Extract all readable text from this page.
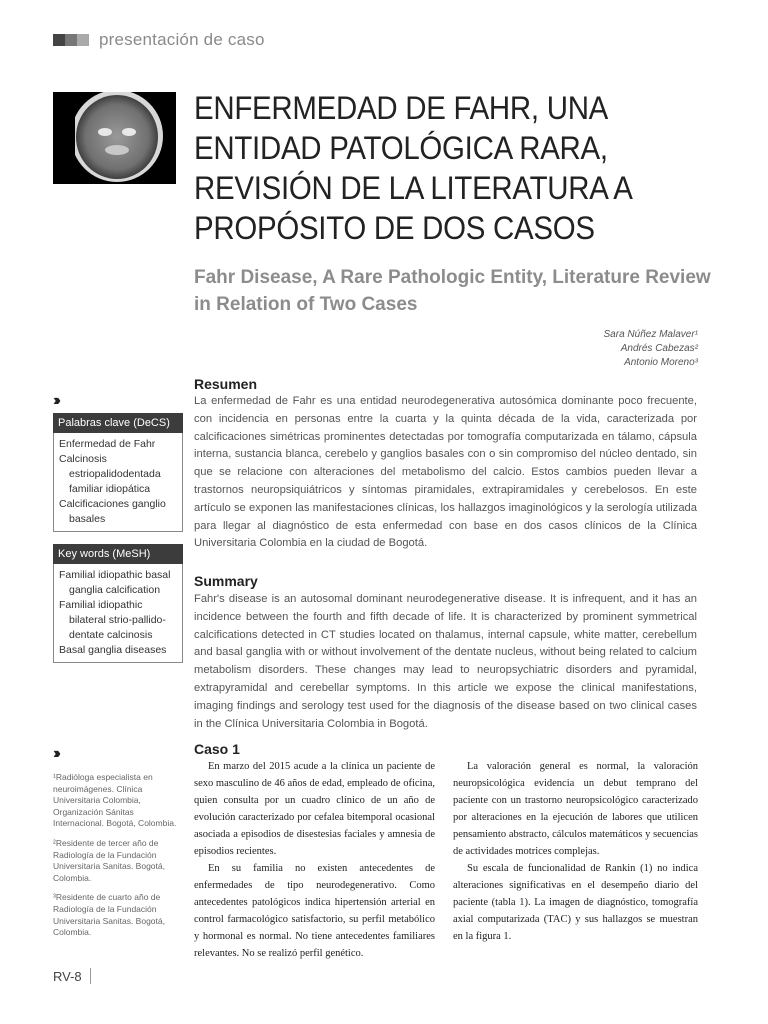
presentación de caso
ENFERMEDAD DE FAHR, UNA ENTIDAD PATOLÓGICA RARA, REVISIÓN DE LA LITERATURA A PROPÓSITO DE DOS CASOS
Fahr Disease, A Rare Pathologic Entity, Literature Review in Relation of Two Cases
Sara Núñez Malaver¹
Andrés Cabezas²
Antonio Moreno³
›››
Palabras clave (DeCS)
Enfermedad de Fahr
Calcinosis
estriopalidodentada
familiar idiopática
Calcificaciones ganglio
basales
Key words (MeSH)
Familial idiopathic basal
ganglia calcification
Familial idiopathic
bilateral strio-pallido-
dentate calcinosis
Basal ganglia diseases
Resumen

La enfermedad de Fahr es una entidad neurodegenerativa autosómica dominante poco frecuente, con incidencia en personas entre la cuarta y la quinta década de la vida, caracterizada por calcificaciones simétricas prominentes detectadas por tomografía computarizada en tálamo, cápsula interna, sustancia blanca, cerebelo y ganglios basales con o sin compromiso del núcleo dentado, sin que se relacione con alteraciones del metabolismo del calcio. Estos cambios pueden llevar a trastornos neuropsiquiátricos y síntomas piramidales, extrapiramidales y cerebelosos. En este artículo se exponen las manifestaciones clínicas, los hallazgos imaginológicos y la serología utilizada para llegar al diagnóstico de esta enfermedad con base en dos casos clínicos de la Clínica Universitaria Colombia en la ciudad de Bogotá.

Summary

Fahr's disease is an autosomal dominant neurodegenerative disease. It is infrequent, and it has an incidence between the fourth and fifth decade of life. It is characterized by prominent symmetrical calcifications detected in CT studies located on thalamus, internal capsule, white matter, cerebellum and basal ganglia with or without involvement of the dentate nucleus, without being related to calcium metabolism disorders. These changes may lead to neuropsychiatric disorders and pyramidal, extrapyramidal and cerebellar symptoms. In this article we expose the clinical manifestations, imaging findings and serology test used for the diagnosis of the disease based on two clinical cases in the Clínica Universitaria Colombia in Bogotá.

›››

¹Radióloga especialista en neuroimágenes. Clínica Universitaria Colombia, Organización Sánitas Internacional. Bogotá, Colombia.

²Residente de tercer año de Radiología de la Fundación Universitaria Sanitas. Bogotá, Colombia.

³Residente de cuarto año de Radiología de la Fundación Universitaria Sanitas. Bogotá, Colombia.

Caso 1

En marzo del 2015 acude a la clínica un paciente de sexo masculino de 46 años de edad, empleado de oficina, quien consulta por un cuadro clínico de un año de evolución caracterizado por cefalea bitemporal ocasional asociada a episodios de disestesias faciales y amnesia de episodios recientes.

En su familia no existen antecedentes de enfermedades de tipo neurodegenerativo. Como antecedentes patológicos indica hipertensión arterial en control farmacológico satisfactorio, su perfil metabólico y hormonal es normal. No tiene antecedentes familiares relevantes. No se realizó perfil genético.

La valoración general es normal, la valoración neuropsicológica evidencia un debut temprano del paciente con un trastorno neuropsicológico caracterizado por alteraciones en la ejecución de labores que utilicen pensamiento abstracto, cálculos matemáticos y secuencias de actividades motrices complejas.

Su escala de funcionalidad de Rankin (1) no indica alteraciones significativas en el desempeño diario del paciente (tabla 1). La imagen de diagnóstico, tomografía axial computarizada (TAC) y sus hallazgos se muestran en la figura 1.

RV-8
